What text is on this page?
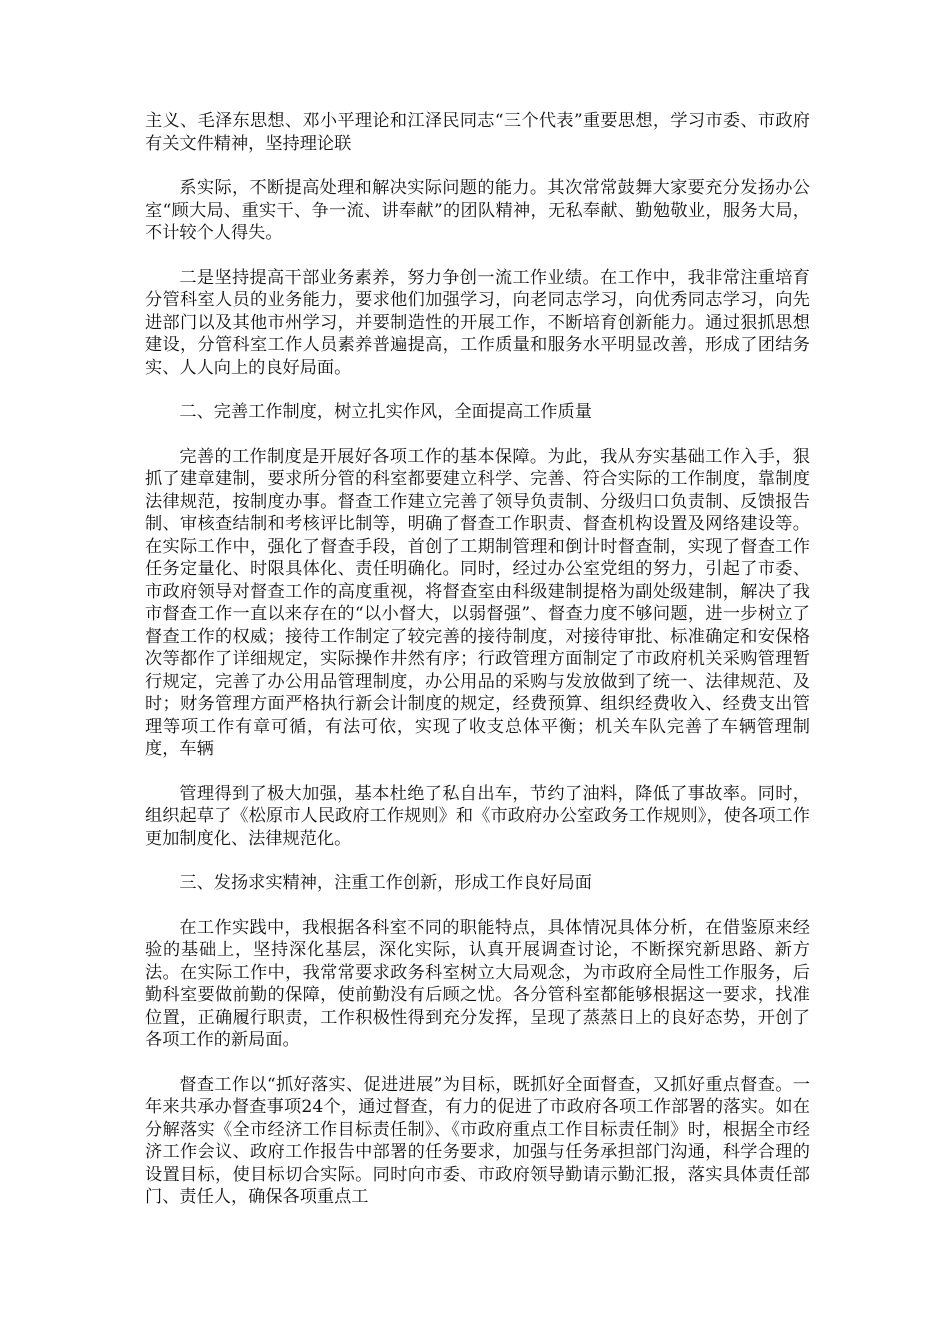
主义、毛泽东思想、邓小平理论和江泽民同志“三个代表”重要思想，学习市委、市政府有关文件精神，坚持理论联

系实际，不断提高处理和解决实际问题的能力。其次常常鼓舞大家要充分发扬办公室“顾大局、重实干、争一流、讲奉献”的团队精神，无私奉献、勤勉敬业，服务大局，不计较个人得失。

二是坚持提高干部业务素养，努力争创一流工作业绩。在工作中，我非常注重培育分管科室人员的业务能力，要求他们加强学习，向老同志学习，向优秀同志学习，向先进部门以及其他市州学习，并要制造性的开展工作，不断培育创新能力。通过狠抓思想建设，分管科室工作人员素养普遍提高，工作质量和服务水平明显改善，形成了团结务实、人人向上的良好局面。

二、完善工作制度，树立扎实作风，全面提高工作质量

完善的工作制度是开展好各项工作的基本保障。为此，我从夯实基础工作入手，狠抓了建章建制，要求所分管的科室都要建立科学、完善、符合实际的工作制度，靠制度法律规范，按制度办事。督查工作建立完善了领导负责制、分级归口负责制、反馈报告制、审核查结制和考核评比制等，明确了督查工作职责、督查机构设置及网络建设等。在实际工作中，强化了督查手段，首创了工期制管理和倒计时督查制，实现了督查工作任务定量化、时限具体化、责任明确化。同时，经过办公室党组的努力，引起了市委、市政府领导对督查工作的高度重视，将督查室由科级建制提格为副处级建制，解决了我市督查工作一直以来存在的“以小督大，以弱督强”、督查力度不够问题，进一步树立了督查工作的权威；接待工作制定了较完善的接待制度，对接待审批、标准确定和安保格次等都作了详细规定，实际操作井然有序；行政管理方面制定了市政府机关采购管理暂行规定，完善了办公用品管理制度，办公用品的采购与发放做到了统一、法律规范、及时；财务管理方面严格执行新会计制度的规定，经费预算、组织经费收入、经费支出管理等项工作有章可循，有法可依，实现了收支总体平衡；机关车队完善了车辆管理制度，车辆

管理得到了极大加强，基本杜绝了私自出车，节约了油料，降低了事故率。同时，组织起草了《松原市人民政府工作规则》和《市政府办公室政务工作规则》，使各项工作更加制度化、法律规范化。

三、发扬求实精神，注重工作创新，形成工作良好局面

在工作实践中，我根据各科室不同的职能特点，具体情况具体分析，在借鉴原来经验的基础上，坚持深化基层，深化实际，认真开展调查讨论，不断探究新思路、新方法。在实际工作中，我常常要求政务科室树立大局观念，为市政府全局性工作服务，后勤科室要做前勤的保障，使前勤没有后顾之忧。各分管科室都能够根据这一要求，找准位置，正确履行职责，工作积极性得到充分发挥，呈现了蒸蒸日上的良好态势，开创了各项工作的新局面。

督查工作以“抓好落实、促进进展”为目标，既抓好全面督查，又抓好重点督查。一年来共承办督查事项24个，通过督查，有力的促进了市政府各项工作部署的落实。如在分解落实《全市经济工作目标责任制》、《市政府重点工作目标责任制》时，根据全市经济工作会议、政府工作报告中部署的任务要求，加强与任务承担部门沟通，科学合理的设置目标，使目标切合实际。同时向市委、市政府领导勤请示勤汇报，落实具体责任部门、责任人，确保各项重点工
